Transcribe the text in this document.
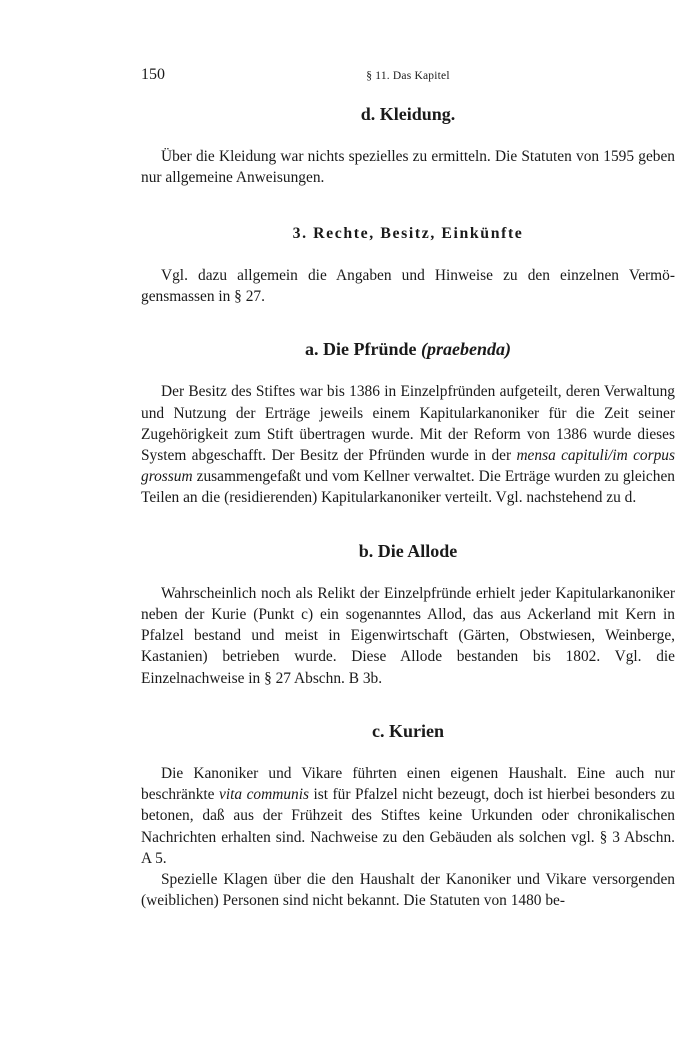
150	§ 11. Das Kapitel
d. Kleidung.

Über die Kleidung war nichts spezielles zu ermitteln. Die Statuten von 1595 geben nur allgemeine Anweisungen.

3. Rechte, Besitz, Einkünfte

Vgl. dazu allgemein die Angaben und Hinweise zu den einzelnen Vermögensmassen in § 27.

a. Die Pfründe (praebenda)

Der Besitz des Stiftes war bis 1386 in Einzelpfründen aufgeteilt, deren Verwaltung und Nutzung der Erträge jeweils einem Kapitularkanoniker für die Zeit seiner Zugehörigkeit zum Stift übertragen wurde. Mit der Reform von 1386 wurde dieses System abgeschafft. Der Besitz der Pfründen wurde in der mensa capituli/im corpus grossum zusammengefaßt und vom Kellner verwaltet. Die Erträge wurden zu gleichen Teilen an die (residierenden) Kapitularkanoniker verteilt. Vgl. nachstehend zu d.

b. Die Allode

Wahrscheinlich noch als Relikt der Einzelpfründe erhielt jeder Kapitularkanoniker neben der Kurie (Punkt c) ein sogenanntes Allod, das aus Ackerland mit Kern in Pfalzel bestand und meist in Eigenwirtschaft (Gärten, Obstwiesen, Weinberge, Kastanien) betrieben wurde. Diese Allode bestanden bis 1802. Vgl. die Einzelnachweise in § 27 Abschn. B 3b.

c. Kurien

Die Kanoniker und Vikare führten einen eigenen Haushalt. Eine auch nur beschränkte vita communis ist für Pfalzel nicht bezeugt, doch ist hierbei besonders zu betonen, daß aus der Frühzeit des Stiftes keine Urkunden oder chronikalischen Nachrichten erhalten sind. Nachweise zu den Gebäuden als solchen vgl. § 3 Abschn. A 5.

Spezielle Klagen über die den Haushalt der Kanoniker und Vikare versorgenden (weiblichen) Personen sind nicht bekannt. Die Statuten von 1480 be-
